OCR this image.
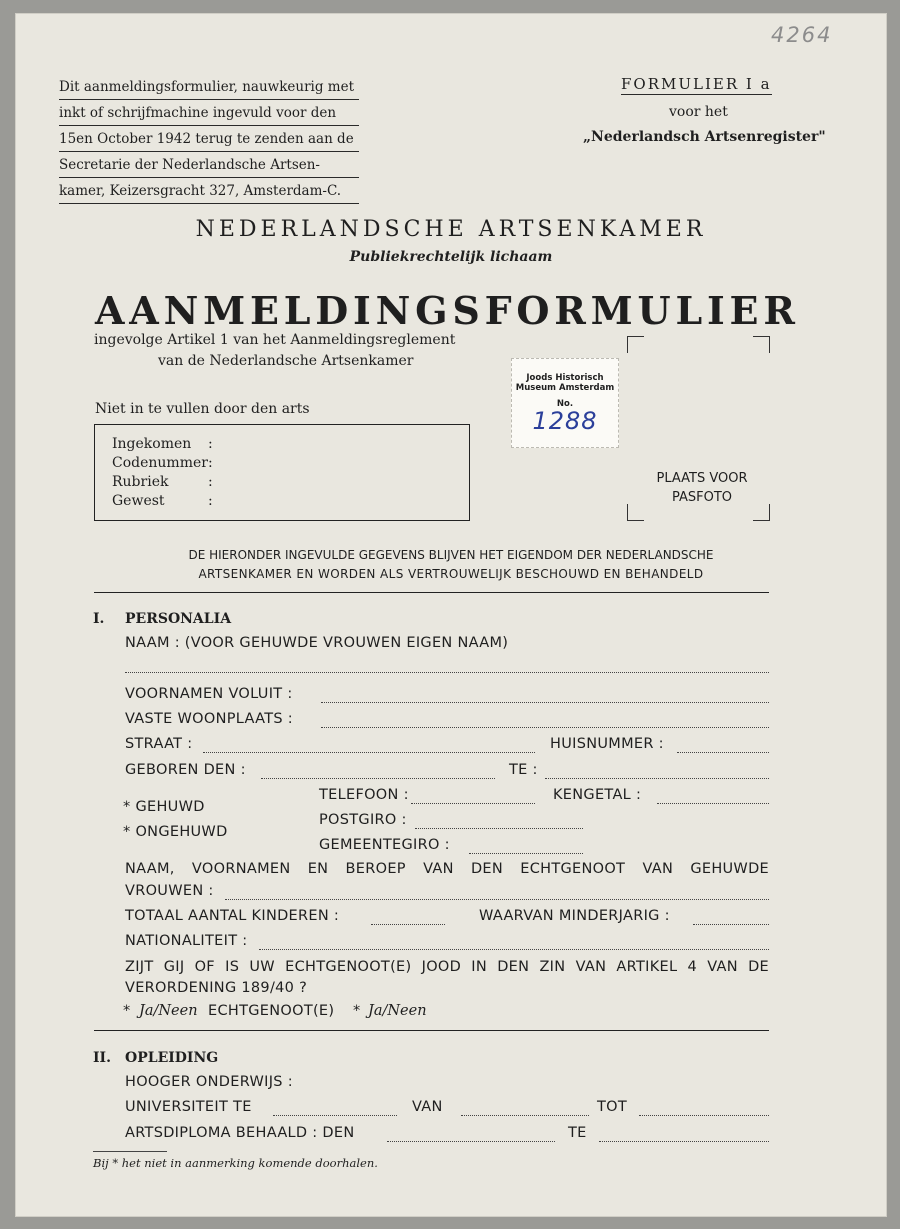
4264
Dit aanmeldingsformulier, nauwkeurig met
inkt of schrijfmachine ingevuld voor den
15en October 1942 terug te zenden aan de
Secretarie der Nederlandsche Artsen-
kamer, Keizersgracht 327, Amsterdam-C.
FORMULIER I a
voor het
„Nederlandsch Artsenregister"
NEDERLANDSCHE ARTSENKAMER
Publiekrechtelijk lichaam
AANMELDINGSFORMULIER
ingevolge Artikel 1 van het Aanmeldingsreglement
van de Nederlandsche Artsenkamer
Niet in te vullen door den arts
Ingekomen :
Codenummer :
Rubriek	:
Gewest	:
Joods Historisch
Museum Amsterdam
No.
1288
PLAATS VOOR PASFOTO
DE HIERONDER INGEVULDE GEGEVENS BLIJVEN HET EIGENDOM DER NEDERLANDSCHE
ARTSENKAMER EN WORDEN ALS VERTROUWELIJK BESCHOUWD EN BEHANDELD
I. PERSONALIA
NAAM : (VOOR GEHUWDE VROUWEN EIGEN NAAM)
VOORNAMEN VOLUIT :
VASTE WOONPLAATS :
STRAAT :	HUISNUMMER :
GEBOREN DEN :	TE :
TELEFOON :	KENGETAL :
* GEHUWD
* ONGEHUWD
POSTGIRO :
GEMEENTEGIRO :
NAAM, VOORNAMEN EN BEROEP VAN DEN ECHTGENOOT VAN GEHUWDE
VROUWEN :
TOTAAL AANTAL KINDEREN :	WAARVAN MINDERJARIG :
NATIONALITEIT :
ZIJT GIJ OF IS UW ECHTGENOOT(E) JOOD IN DEN ZIN VAN ARTIKEL 4 VAN DE
VERORDENING 189/40 ?
* Ja/Neen ECHTGENOOT(E) * Ja/Neen
II. OPLEIDING
HOOGER ONDERWIJS :
UNIVERSITEIT TE	VAN	TOT
ARTSDIPLOMA BEHAALD : DEN	TE
Bij * het niet in aanmerking komende doorhalen.
